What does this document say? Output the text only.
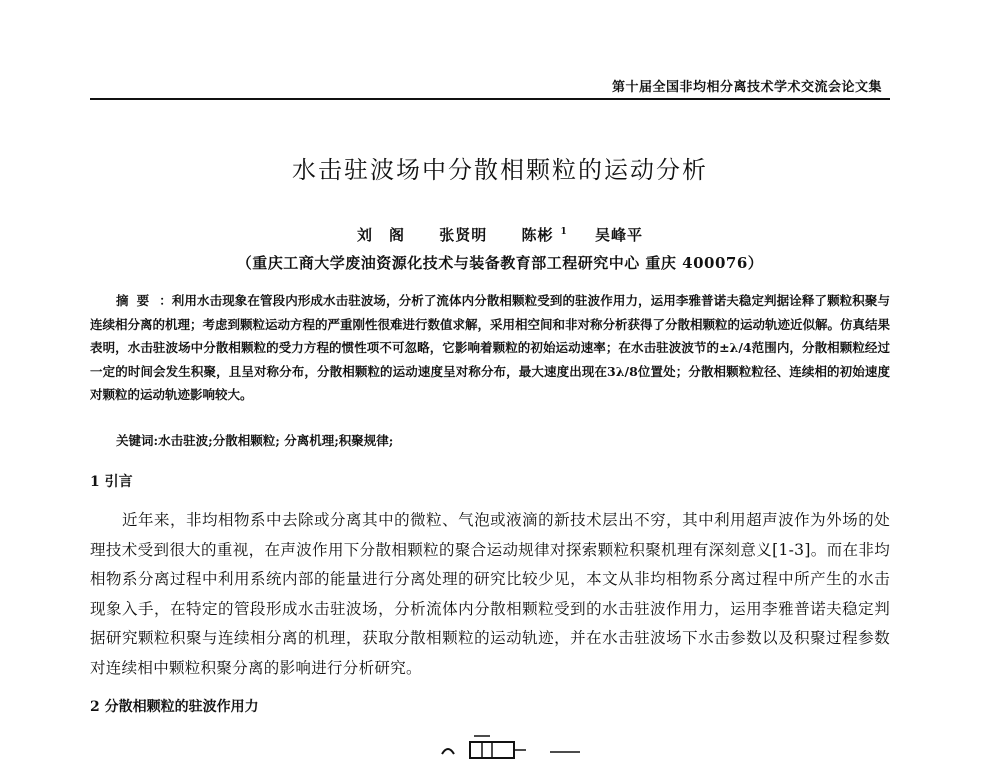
第十届全国非均相分离技术学术交流会论文集
水击驻波场中分散相颗粒的运动分析
刘　阁 张贤明 陈彬 $^1$ 吴峰平
（重庆工商大学废油资源化技术与装备教育部工程研究中心 重庆 400076）

摘要 ：利用水击现象在管段内形成水击驻波场，分析了流体内分散相颗粒受到的驻波作用力，运用李雅普诺夫稳定判据诠释了颗粒积聚与连续相分离的机理；考虑到颗粒运动方程的严重刚性很难进行数值求解，采用相空间和非对称分析获得了分散相颗粒的运动轨迹近似解。仿真结果表明，水击驻波场中分散相颗粒的受力方程的惯性项不可忽略，它影响着颗粒的初始运动速率；在水击驻波波节的±λ/4范围内，分散相颗粒经过一定的时间会发生积聚，且呈对称分布，分散相颗粒的运动速度呈对称分布，最大速度出现在3λ/8位置处；分散相颗粒粒径、连续相的初始速度对颗粒的运动轨迹影响较大。

关键词:水击驻波;分散相颗粒; 分离机理;积聚规律;
1 引言

近年来，非均相物系中去除或分离其中的微粒、气泡或液滴的新技术层出不穷，其中利用超声波作为外场的处理技术受到很大的重视，在声波作用下分散相颗粒的聚合运动规律对探索颗粒积聚机理有深刻意义[1-3]。而在非均相物系分离过程中利用系统内部的能量进行分离处理的研究比较少见，本文从非均相物系分离过程中所产生的水击现象入手，在特定的管段形成水击驻波场，分析流体内分散相颗粒受到的水击驻波作用力，运用李雅普诺夫稳定判据研究颗粒积聚与连续相分离的机理，获取分散相颗粒的运动轨迹，并在水击驻波场下水击参数以及积聚过程参数对连续相中颗粒积聚分离的影响进行分析研究。

2 分散相颗粒的驻波作用力
